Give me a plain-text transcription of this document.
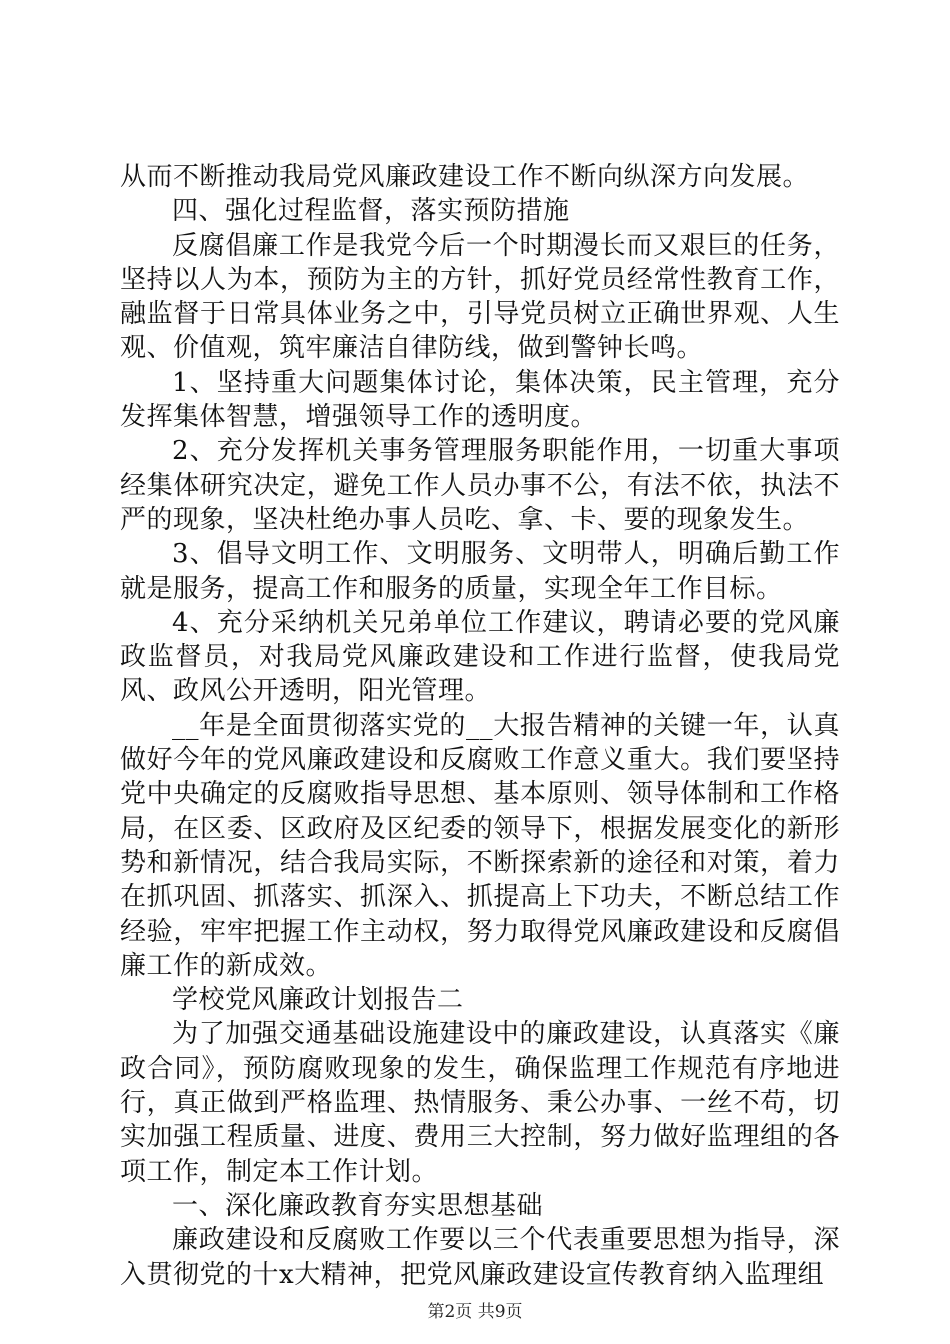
从而不断推动我局党风廉政建设工作不断向纵深方向发展。

四、强化过程监督，落实预防措施

反腐倡廉工作是我党今后一个时期漫长而又艰巨的任务，坚持以人为本，预防为主的方针，抓好党员经常性教育工作，融监督于日常具体业务之中，引导党员树立正确世界观、人生观、价值观，筑牢廉洁自律防线，做到警钟长鸣。

1、坚持重大问题集体讨论，集体决策，民主管理，充分发挥集体智慧，增强领导工作的透明度。

2、充分发挥机关事务管理服务职能作用，一切重大事项经集体研究决定，避免工作人员办事不公，有法不依，执法不严的现象，坚决杜绝办事人员吃、拿、卡、要的现象发生。

3、倡导文明工作、文明服务、文明带人，明确后勤工作就是服务，提高工作和服务的质量，实现全年工作目标。

4、充分采纳机关兄弟单位工作建议，聘请必要的党风廉政监督员，对我局党风廉政建设和工作进行监督，使我局党风、政风公开透明，阳光管理。

__年是全面贯彻落实党的__大报告精神的关键一年，认真做好今年的党风廉政建设和反腐败工作意义重大。我们要坚持党中央确定的反腐败指导思想、基本原则、领导体制和工作格局，在区委、区政府及区纪委的领导下，根据发展变化的新形势和新情况，结合我局实际，不断探索新的途径和对策，着力在抓巩固、抓落实、抓深入、抓提高上下功夫，不断总结工作经验，牢牢把握工作主动权，努力取得党风廉政建设和反腐倡廉工作的新成效。

学校党风廉政计划报告二

为了加强交通基础设施建设中的廉政建设，认真落实《廉政合同》，预防腐败现象的发生，确保监理工作规范有序地进行，真正做到严格监理、热情服务、秉公办事、一丝不苟，切实加强工程质量、进度、费用三大控制，努力做好监理组的各项工作，制定本工作计划。

一、深化廉政教育夯实思想基础

廉政建设和反腐败工作要以三个代表重要思想为指导，深入贯彻党的十x大精神，把党风廉政建设宣传教育纳入监理组

第2页 共9页
